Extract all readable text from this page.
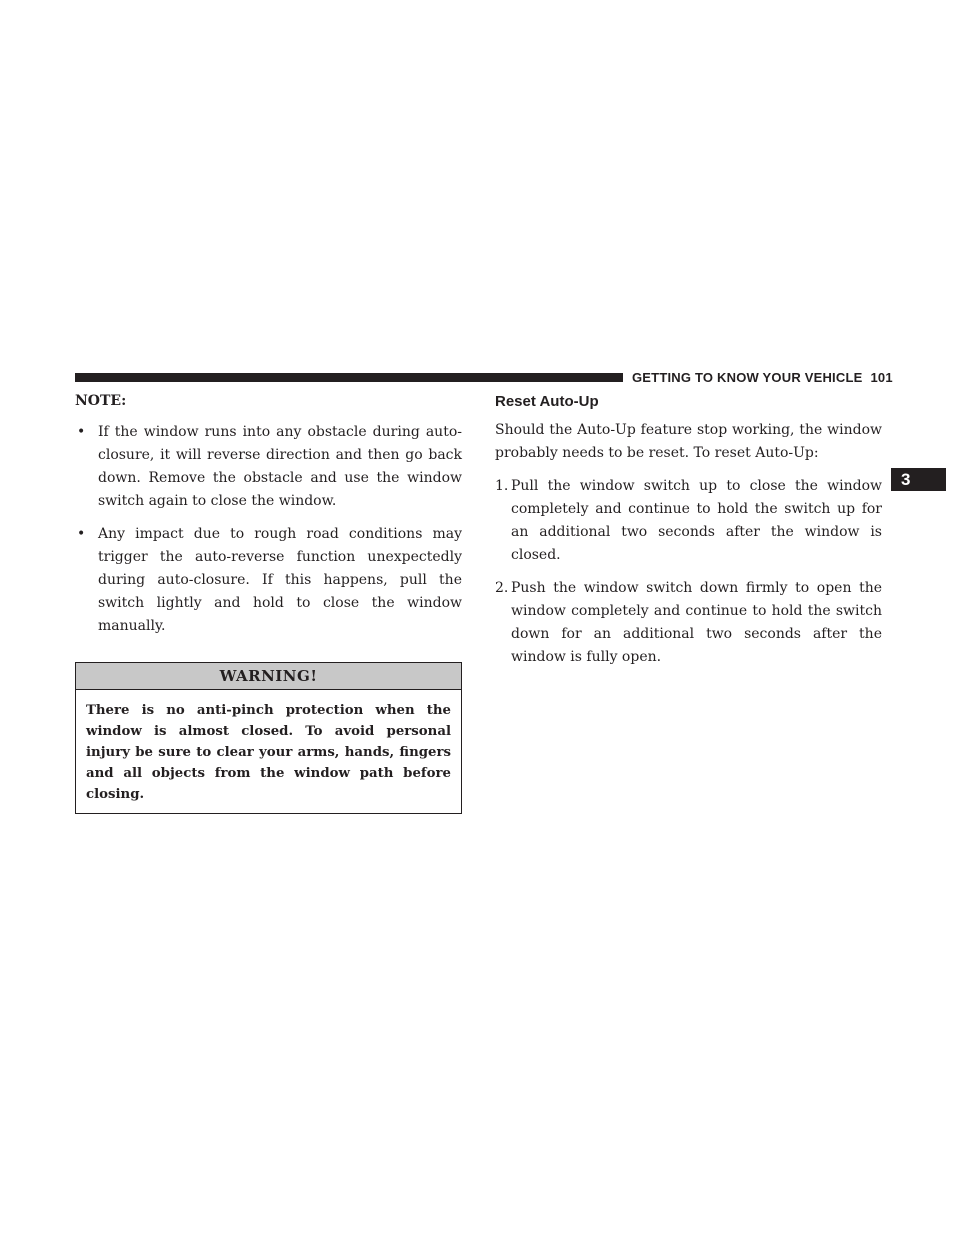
GETTING TO KNOW YOUR VEHICLE 101
3
NOTE:
• If the window runs into any obstacle during auto-closure, it will reverse direction and then go back down. Remove the obstacle and use the window switch again to close the window.
• Any impact due to rough road conditions may trigger the auto-reverse function unexpectedly during auto-closure. If this happens, pull the switch lightly and hold to close the window manually.
WARNING!
There is no anti-pinch protection when the window is almost closed. To avoid personal injury be sure to clear your arms, hands, fingers and all objects from the window path before closing.
Reset Auto-Up
Should the Auto-Up feature stop working, the window probably needs to be reset. To reset Auto-Up:
1. Pull the window switch up to close the window completely and continue to hold the switch up for an additional two seconds after the window is closed.
2. Push the window switch down firmly to open the window completely and continue to hold the switch down for an additional two seconds after the window is fully open.
